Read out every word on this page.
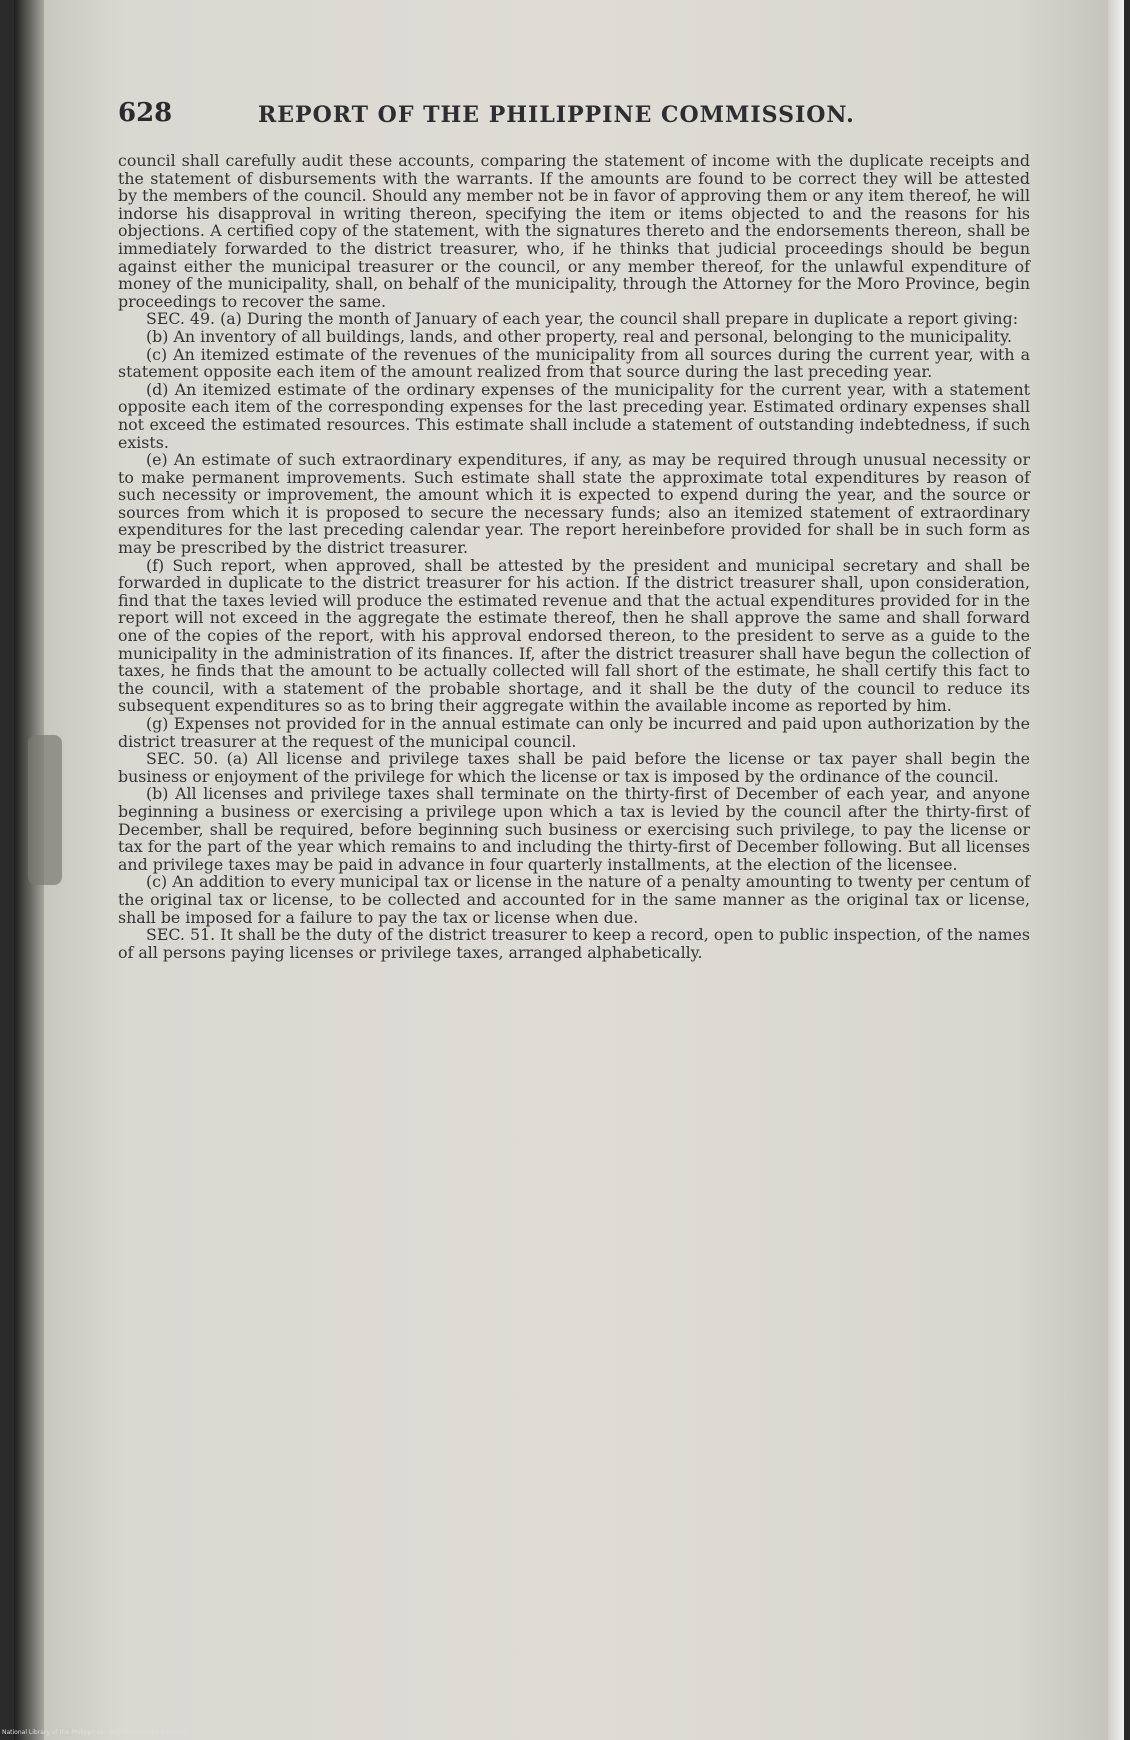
628	REPORT OF THE PHILIPPINE COMMISSION.

council shall carefully audit these accounts, comparing the statement of income with the duplicate receipts and the statement of disbursements with the warrants. If the amounts are found to be correct they will be attested by the members of the council. Should any member not be in favor of approving them or any item thereof, he will indorse his disapproval in writing thereon, specifying the item or items objected to and the reasons for his objections. A certified copy of the statement, with the signatures thereto and the endorsements thereon, shall be immediately forwarded to the district treasurer, who, if he thinks that judicial proceedings should be begun against either the municipal treasurer or the council, or any member thereof, for the unlawful expenditure of money of the municipality, shall, on behalf of the municipality, through the Attorney for the Moro Province, begin proceedings to recover the same.

SEC. 49. (a) During the month of January of each year, the council shall prepare in duplicate a report giving:

(b) An inventory of all buildings, lands, and other property, real and personal, belonging to the municipality.

(c) An itemized estimate of the revenues of the municipality from all sources during the current year, with a statement opposite each item of the amount realized from that source during the last preceding year.

(d) An itemized estimate of the ordinary expenses of the municipality for the current year, with a statement opposite each item of the corresponding expenses for the last preceding year. Estimated ordinary expenses shall not exceed the estimated resources. This estimate shall include a statement of outstanding indebtedness, if such exists.

(e) An estimate of such extraordinary expenditures, if any, as may be required through unusual necessity or to make permanent improvements. Such estimate shall state the approximate total expenditures by reason of such necessity or improvement, the amount which it is expected to expend during the year, and the source or sources from which it is proposed to secure the necessary funds; also an itemized statement of extraordinary expenditures for the last preceding calendar year. The report hereinbefore provided for shall be in such form as may be prescribed by the district treasurer.

(f) Such report, when approved, shall be attested by the president and municipal secretary and shall be forwarded in duplicate to the district treasurer for his action. If the district treasurer shall, upon consideration, find that the taxes levied will produce the estimated revenue and that the actual expenditures provided for in the report will not exceed in the aggregate the estimate thereof, then he shall approve the same and shall forward one of the copies of the report, with his approval endorsed thereon, to the president to serve as a guide to the municipality in the administration of its finances. If, after the district treasurer shall have begun the collection of taxes, he finds that the amount to be actually collected will fall short of the estimate, he shall certify this fact to the council, with a statement of the probable shortage, and it shall be the duty of the council to reduce its subsequent expenditures so as to bring their aggregate within the available income as reported by him.

(g) Expenses not provided for in the annual estimate can only be incurred and paid upon authorization by the district treasurer at the request of the municipal council.

SEC. 50. (a) All license and privilege taxes shall be paid before the license or tax payer shall begin the business or enjoyment of the privilege for which the license or tax is imposed by the ordinance of the council.

(b) All licenses and privilege taxes shall terminate on the thirty-first of December of each year, and anyone beginning a business or exercising a privilege upon which a tax is levied by the council after the thirty-first of December, shall be required, before beginning such business or exercising such privilege, to pay the license or tax for the part of the year which remains to and including the thirty-first of December following. But all licenses and privilege taxes may be paid in advance in four quarterly installments, at the election of the licensee.

(c) An addition to every municipal tax or license in the nature of a penalty amounting to twenty per centum of the original tax or license, to be collected and accounted for in the same manner as the original tax or license, shall be imposed for a failure to pay the tax or license when due.

SEC. 51. It shall be the duty of the district treasurer to keep a record, open to public inspection, of the names of all persons paying licenses or privilege taxes, arranged alphabetically.

National Library of the Philippines - 0000P00002921 9272081
